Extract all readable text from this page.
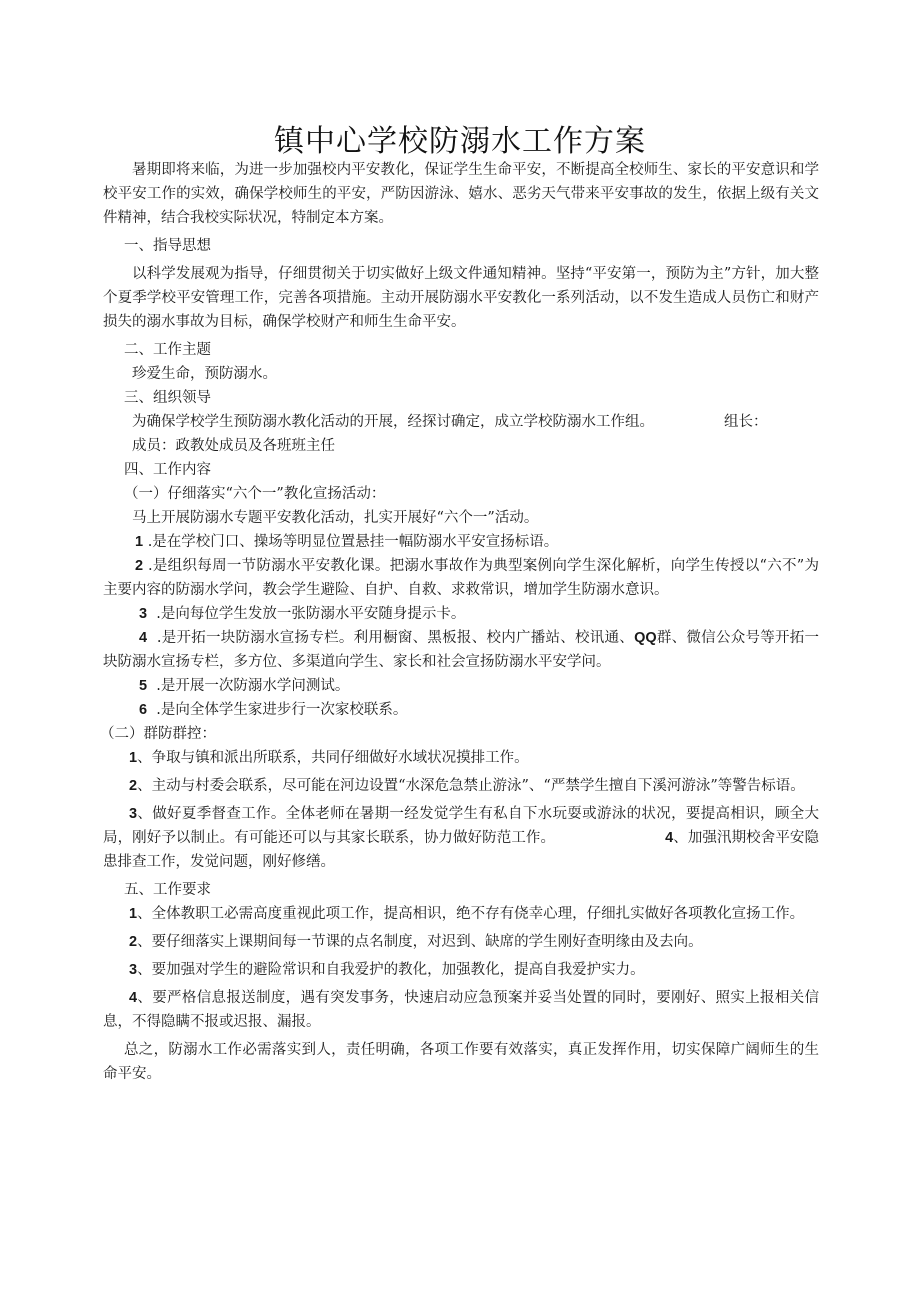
镇中心学校防溺水工作方案

暑期即将来临，为进一步加强校内平安教化，保证学生生命平安，不断提高全校师生、家长的平安意识和学校平安工作的实效，确保学校师生的平安，严防因游泳、嬉水、恶劣天气带来平安事故的发生，依据上级有关文件精神，结合我校实际状况，特制定本方案。

一、指导思想

以科学发展观为指导，仔细贯彻关于切实做好上级文件通知精神。坚持“平安第一，预防为主”方针，加大整个夏季学校平安管理工作，完善各项措施。主动开展防溺水平安教化一系列活动，以不发生造成人员伤亡和财产损失的溺水事故为目标，确保学校财产和师生生命平安。

二、工作主题

珍爱生命，预防溺水。

三、组织领导

为确保学校学生预防溺水教化活动的开展，经探讨确定，成立学校防溺水工作组。	组长：

成员：政教处成员及各班班主任

四、工作内容

（一）仔细落实“六个一”教化宣扬活动：

马上开展防溺水专题平安教化活动，扎实开展好“六个一”活动。

1 .是在学校门口、操场等明显位置悬挂一幅防溺水平安宣扬标语。

2 .是组织每周一节防溺水平安教化课。把溺水事故作为典型案例向学生深化解析，向学生传授以“六不”为主要内容的防溺水学问，教会学生避险、自护、自救、求救常识，增加学生防溺水意识。

3 .是向每位学生发放一张防溺水平安随身提示卡。

4 .是开拓一块防溺水宣扬专栏。利用橱窗、黑板报、校内广播站、校讯通、QQ群、微信公众号等开拓一块防溺水宣扬专栏，多方位、多渠道向学生、家长和社会宣扬防溺水平安学问。

5 .是开展一次防溺水学问测试。

6 .是向全体学生家进步行一次家校联系。

（二）群防群控：

1、争取与镇和派出所联系，共同仔细做好水域状况摸排工作。

2、主动与村委会联系，尽可能在河边设置“水深危急禁止游泳”、“严禁学生擅自下溪河游泳”等警告标语。

3、做好夏季督查工作。全体老师在暑期一经发觉学生有私自下水玩耍或游泳的状况，要提高相识，顾全大局，刚好予以制止。有可能还可以与其家长联系，协力做好防范工作。	4、加强汛期校舍平安隐患排查工作，发觉问题，刚好修缮。

五、工作要求

1、全体教职工必需高度重视此项工作，提高相识，绝不存有侥幸心理，仔细扎实做好各项教化宣扬工作。

2、要仔细落实上课期间每一节课的点名制度，对迟到、缺席的学生刚好查明缘由及去向。

3、要加强对学生的避险常识和自我爱护的教化，加强教化，提高自我爱护实力。

4、要严格信息报送制度，遇有突发事务，快速启动应急预案并妥当处置的同时，要刚好、照实上报相关信息，不得隐瞒不报或迟报、漏报。

总之，防溺水工作必需落实到人，责任明确，各项工作要有效落实，真正发挥作用，切实保障广阔师生的生命平安。
